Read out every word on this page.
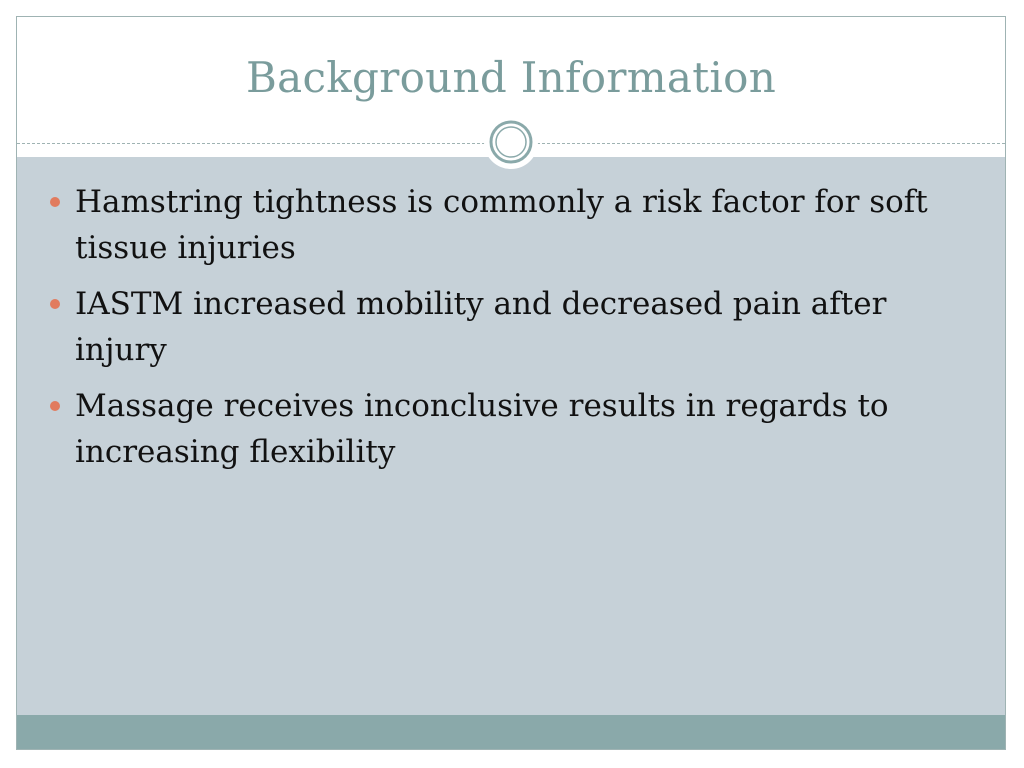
Background Information
Hamstring tightness is commonly a risk factor for soft tissue injuries
IASTM increased mobility and decreased pain after injury
Massage receives inconclusive results in regards to increasing flexibility
